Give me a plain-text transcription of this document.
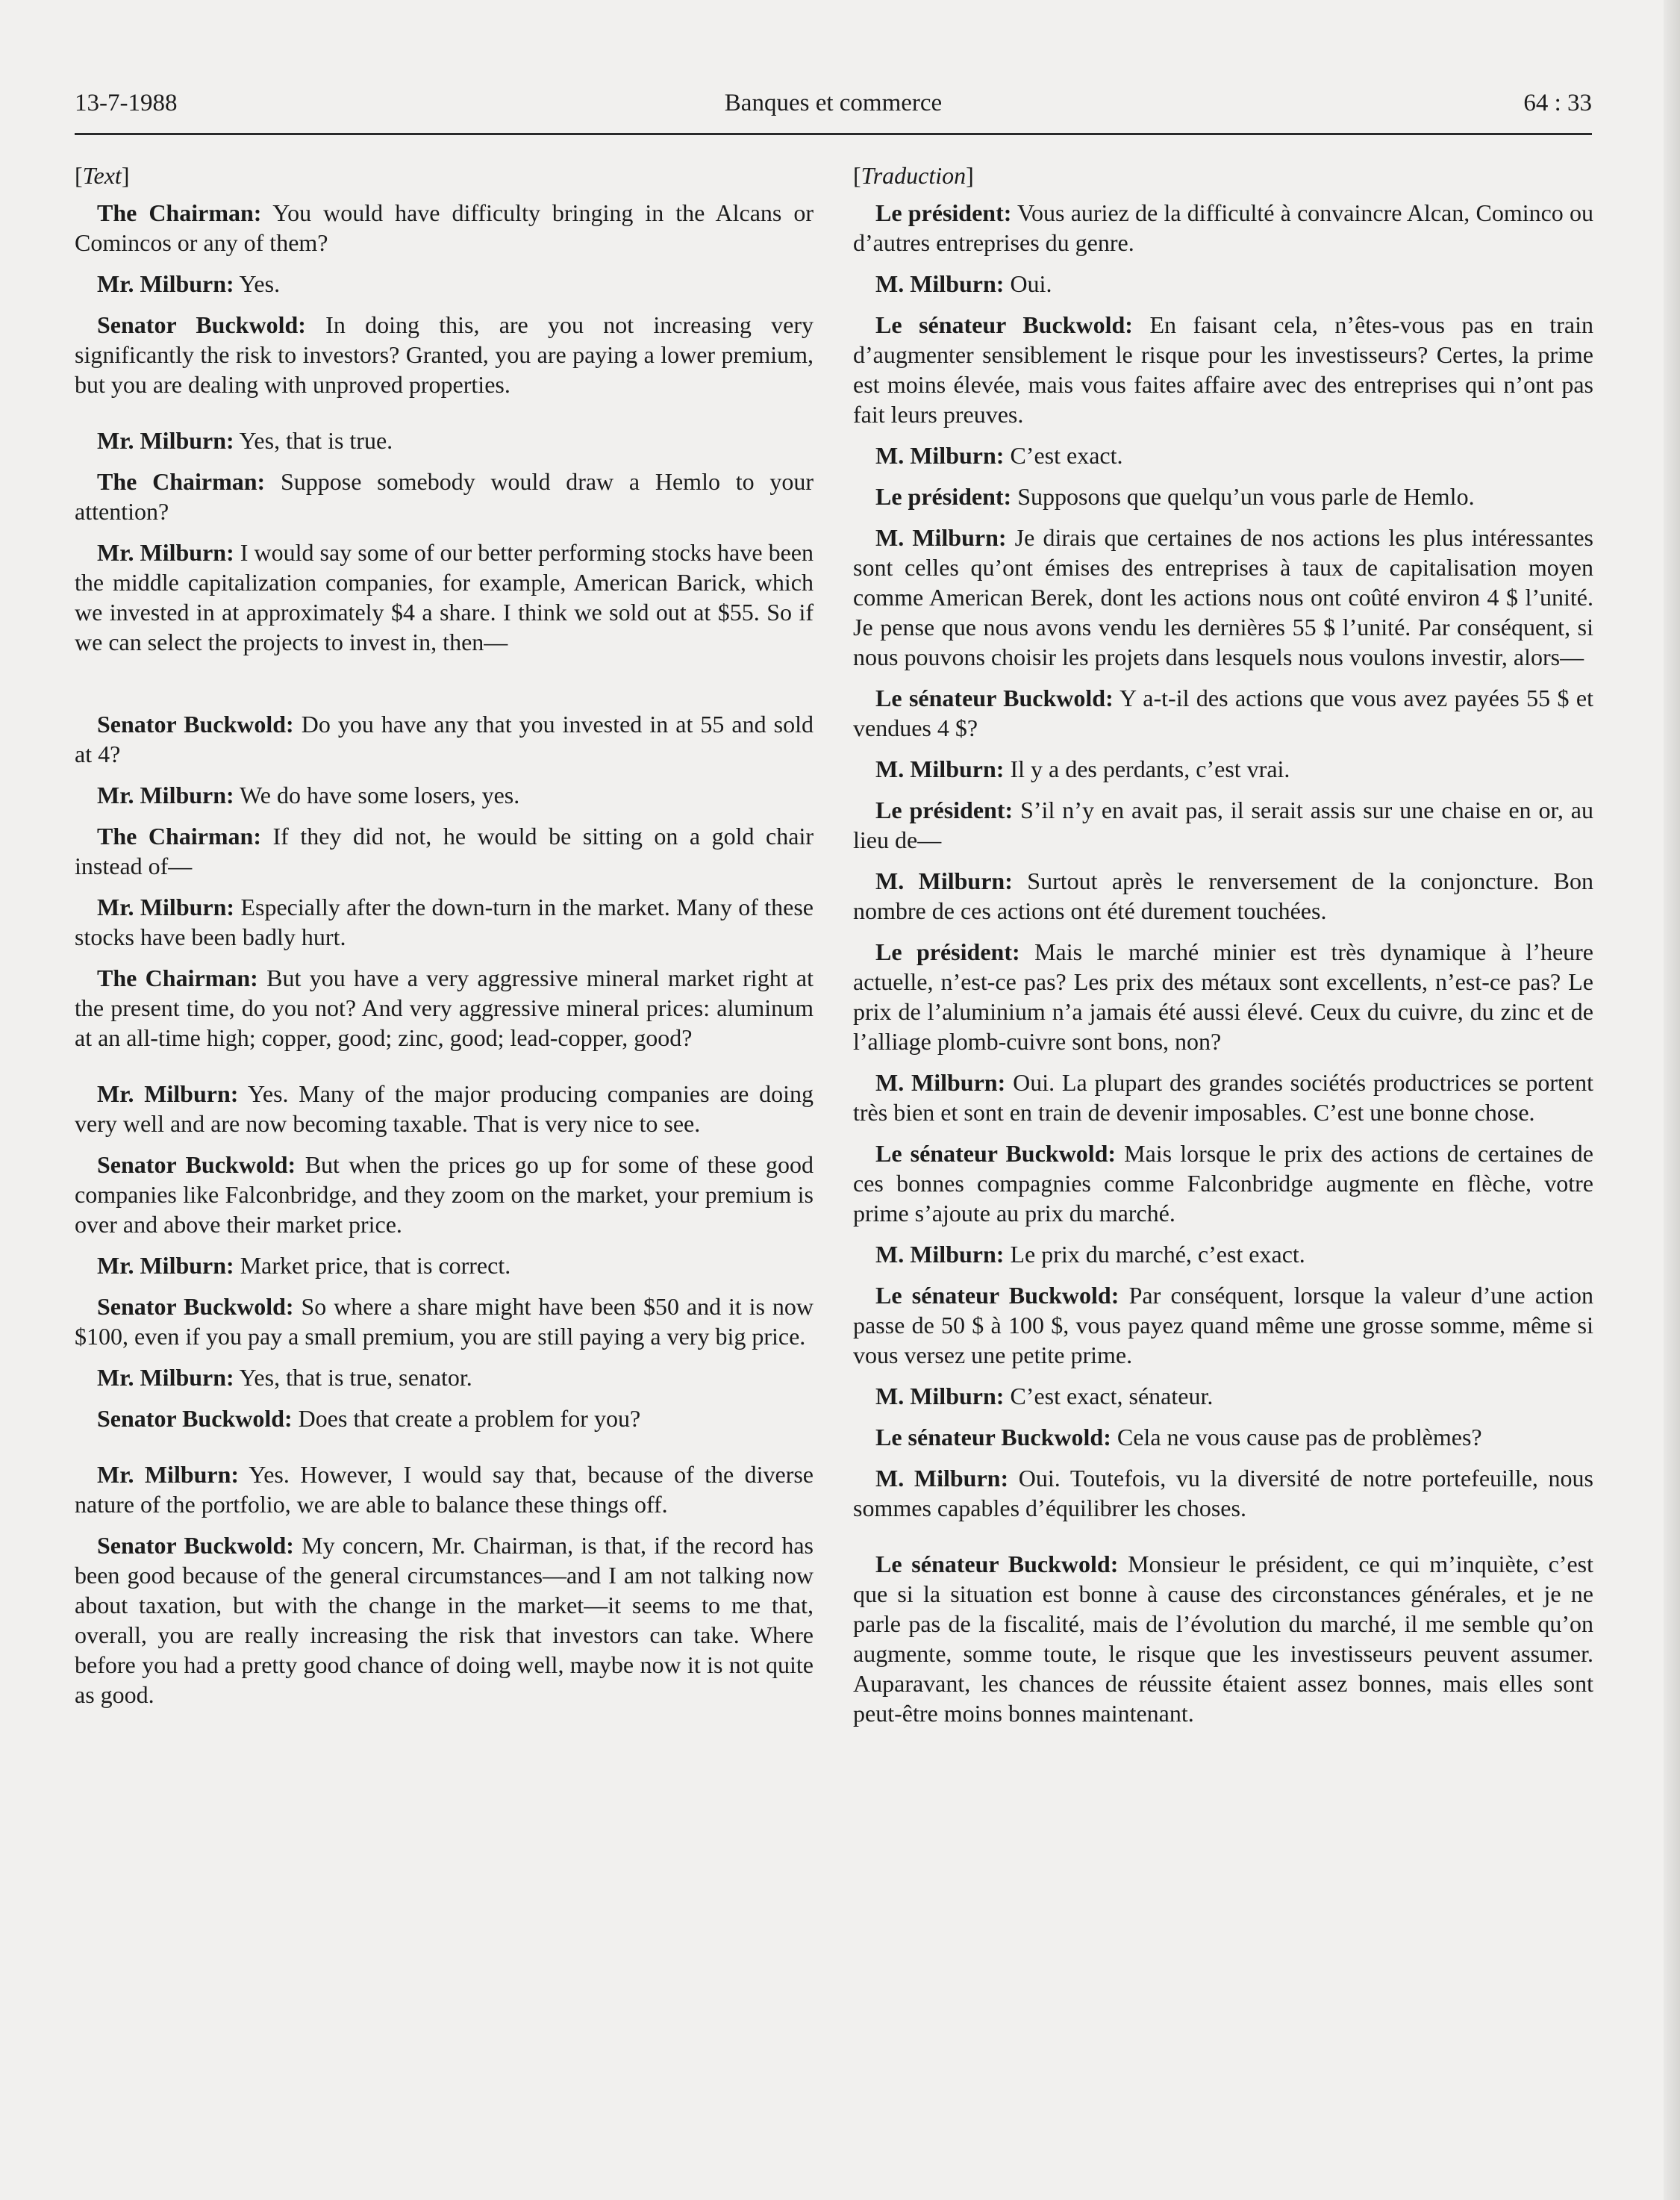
13-7-1988	Banques et commerce	64 : 33

[Text]

The Chairman: You would have difficulty bringing in the Alcans or Comincos or any of them?

Mr. Milburn: Yes.

Senator Buckwold: In doing this, are you not increasing very significantly the risk to investors? Granted, you are paying a lower premium, but you are dealing with unproved properties.

Mr. Milburn: Yes, that is true.

The Chairman: Suppose somebody would draw a Hemlo to your attention?

Mr. Milburn: I would say some of our better performing stocks have been the middle capitalization companies, for example, American Barick, which we invested in at approximately $4 a share. I think we sold out at $55. So if we can select the projects to invest in, then—

Senator Buckwold: Do you have any that you invested in at 55 and sold at 4?

Mr. Milburn: We do have some losers, yes.

The Chairman: If they did not, he would be sitting on a gold chair instead of—

Mr. Milburn: Especially after the down-turn in the market. Many of these stocks have been badly hurt.

The Chairman: But you have a very aggressive mineral market right at the present time, do you not? And very aggressive mineral prices: aluminum at an all-time high; copper, good; zinc, good; lead-copper, good?

Mr. Milburn: Yes. Many of the major producing companies are doing very well and are now becoming taxable. That is very nice to see.

Senator Buckwold: But when the prices go up for some of these good companies like Falconbridge, and they zoom on the market, your premium is over and above their market price.

Mr. Milburn: Market price, that is correct.

Senator Buckwold: So where a share might have been $50 and it is now $100, even if you pay a small premium, you are still paying a very big price.

Mr. Milburn: Yes, that is true, senator.

Senator Buckwold: Does that create a problem for you?

Mr. Milburn: Yes. However, I would say that, because of the diverse nature of the portfolio, we are able to balance these things off.

Senator Buckwold: My concern, Mr. Chairman, is that, if the record has been good because of the general circumstances—and I am not talking now about taxation, but with the change in the market—it seems to me that, overall, you are really increasing the risk that investors can take. Where before you had a pretty good chance of doing well, maybe now it is not quite as good.

[Traduction]

Le président: Vous auriez de la difficulté à convaincre Alcan, Cominco ou d’autres entreprises du genre.

M. Milburn: Oui.

Le sénateur Buckwold: En faisant cela, n’êtes-vous pas en train d’augmenter sensiblement le risque pour les investisseurs? Certes, la prime est moins élevée, mais vous faites affaire avec des entreprises qui n’ont pas fait leurs preuves.

M. Milburn: C’est exact.

Le président: Supposons que quelqu’un vous parle de Hemlo.

M. Milburn: Je dirais que certaines de nos actions les plus intéressantes sont celles qu’ont émises des entreprises à taux de capitalisation moyen comme American Berek, dont les actions nous ont coûté environ 4 $ l’unité. Je pense que nous avons vendu les dernières 55 $ l’unité. Par conséquent, si nous pouvons choisir les projets dans lesquels nous voulons investir, alors—

Le sénateur Buckwold: Y a-t-il des actions que vous avez payées 55 $ et vendues 4 $?

M. Milburn: Il y a des perdants, c’est vrai.

Le président: S’il n’y en avait pas, il serait assis sur une chaise en or, au lieu de—

M. Milburn: Surtout après le renversement de la conjoncture. Bon nombre de ces actions ont été durement touchées.

Le président: Mais le marché minier est très dynamique à l’heure actuelle, n’est-ce pas? Les prix des métaux sont excellents, n’est-ce pas? Le prix de l’aluminium n’a jamais été aussi élevé. Ceux du cuivre, du zinc et de l’alliage plomb-cuivre sont bons, non?

M. Milburn: Oui. La plupart des grandes sociétés productrices se portent très bien et sont en train de devenir imposables. C’est une bonne chose.

Le sénateur Buckwold: Mais lorsque le prix des actions de certaines de ces bonnes compagnies comme Falconbridge augmente en flèche, votre prime s’ajoute au prix du marché.

M. Milburn: Le prix du marché, c’est exact.

Le sénateur Buckwold: Par conséquent, lorsque la valeur d’une action passe de 50 $ à 100 $, vous payez quand même une grosse somme, même si vous versez une petite prime.

M. Milburn: C’est exact, sénateur.

Le sénateur Buckwold: Cela ne vous cause pas de problèmes?

M. Milburn: Oui. Toutefois, vu la diversité de notre portefeuille, nous sommes capables d’équilibrer les choses.

Le sénateur Buckwold: Monsieur le président, ce qui m’inquiète, c’est que si la situation est bonne à cause des circonstances générales, et je ne parle pas de la fiscalité, mais de l’évolution du marché, il me semble qu’on augmente, somme toute, le risque que les investisseurs peuvent assumer. Auparavant, les chances de réussite étaient assez bonnes, mais elles sont peut-être moins bonnes maintenant.
